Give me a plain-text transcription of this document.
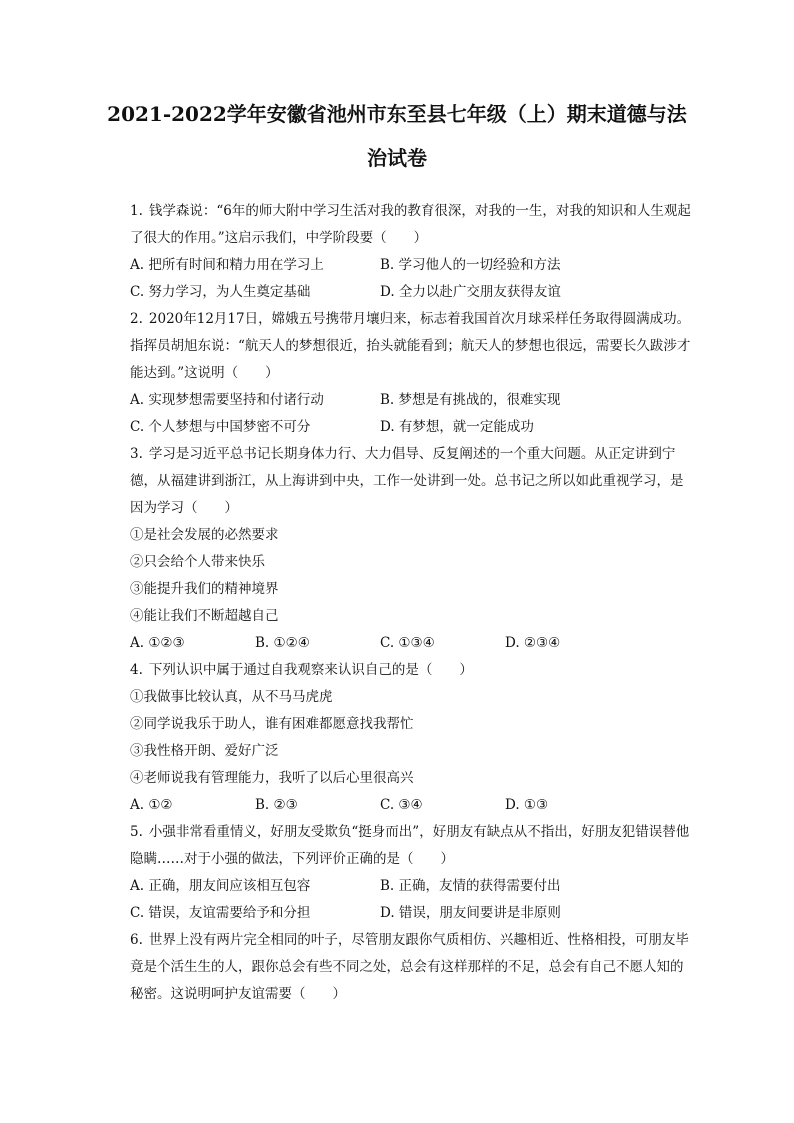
2021-2022学年安徽省池州市东至县七年级（上）期末道德与法
治试卷

1. 钱学森说：“6年的师大附中学习生活对我的教育很深，对我的一生，对我的知识和人生观起了很大的作用。”这启示我们，中学阶段要（　　）

A. 把所有时间和精力用在学习上	B. 学习他人的一切经验和方法
C. 努力学习，为人生奠定基础	D. 全力以赴广交朋友获得友谊

2. 2020年12月17日，嫦娥五号携带月壤归来，标志着我国首次月球采样任务取得圆满成功。指挥员胡旭东说：“航天人的梦想很近，抬头就能看到；航天人的梦想也很远，需要长久跋涉才能达到。”这说明（　　）

A. 实现梦想需要坚持和付诸行动	B. 梦想是有挑战的，很难实现
C. 个人梦想与中国梦密不可分	D. 有梦想，就一定能成功

3. 学习是习近平总书记长期身体力行、大力倡导、反复阐述的一个重大问题。从正定讲到宁德，从福建讲到浙江，从上海讲到中央，工作一处讲到一处。总书记之所以如此重视学习，是因为学习（　　）

①是社会发展的必然要求

②只会给个人带来快乐

③能提升我们的精神境界

④能让我们不断超越自己

A. ①②③	B. ①②④	C. ①③④	D. ②③④

4. 下列认识中属于通过自我观察来认识自己的是（　　）

①我做事比较认真，从不马马虎虎

②同学说我乐于助人，谁有困难都愿意找我帮忙

③我性格开朗、爱好广泛

④老师说我有管理能力，我听了以后心里很高兴

A. ①②	B. ②③	C. ③④	D. ①③

5. 小强非常看重情义，好朋友受欺负“挺身而出”，好朋友有缺点从不指出，好朋友犯错误替他隐瞒……对于小强的做法，下列评价正确的是（　　）

A. 正确，朋友间应该相互包容	B. 正确，友情的获得需要付出
C. 错误，友谊需要给予和分担	D. 错误，朋友间要讲是非原则

6. 世界上没有两片完全相同的叶子，尽管朋友跟你气质相仿、兴趣相近、性格相投，可朋友毕竟是个活生生的人，跟你总会有些不同之处，总会有这样那样的不足，总会有自己不愿人知的秘密。这说明呵护友谊需要（　　）
